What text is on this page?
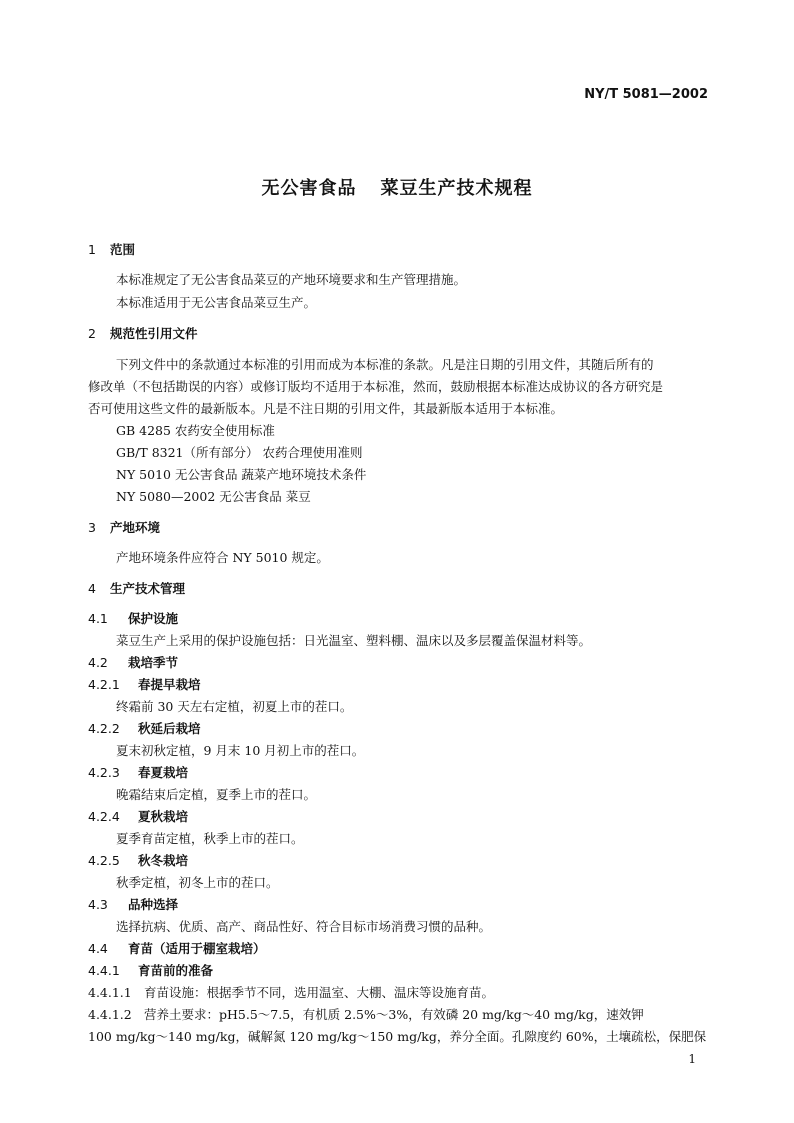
NY/T 5081—2002
无公害食品 菜豆生产技术规程
1 范围
本标准规定了无公害食品菜豆的产地环境要求和生产管理措施。
本标准适用于无公害食品菜豆生产。
2 规范性引用文件
下列文件中的条款通过本标准的引用而成为本标准的条款。凡是注日期的引用文件，其随后所有的
修改单（不包括勘误的内容）或修订版均不适用于本标准，然而，鼓励根据本标准达成协议的各方研究是
否可使用这些文件的最新版本。凡是不注日期的引用文件，其最新版本适用于本标准。
GB 4285 农药安全使用标准
GB/T 8321（所有部分） 农药合理使用准则
NY 5010 无公害食品 蔬菜产地环境技术条件
NY 5080—2002 无公害食品 菜豆
3 产地环境
产地环境条件应符合 NY 5010 规定。
4 生产技术管理
4.1 保护设施
菜豆生产上采用的保护设施包括：日光温室、塑料棚、温床以及多层覆盖保温材料等。
4.2 栽培季节
4.2.1 春提早栽培
终霜前 30 天左右定植，初夏上市的茬口。
4.2.2 秋延后栽培
夏末初秋定植，9 月末 10 月初上市的茬口。
4.2.3 春夏栽培
晚霜结束后定植，夏季上市的茬口。
4.2.4 夏秋栽培
夏季育苗定植，秋季上市的茬口。
4.2.5 秋冬栽培
秋季定植，初冬上市的茬口。
4.3 品种选择
选择抗病、优质、高产、商品性好、符合目标市场消费习惯的品种。
4.4 育苗（适用于棚室栽培）
4.4.1 育苗前的准备
4.4.1.1 育苗设施：根据季节不同，选用温室、大棚、温床等设施育苗。
4.4.1.2 营养土要求：pH5.5～7.5，有机质 2.5%～3%，有效磷 20 mg/kg～40 mg/kg，速效钾
100 mg/kg～140 mg/kg，碱解氮 120 mg/kg～150 mg/kg，养分全面。孔隙度约 60%，土壤疏松，保肥保
1
